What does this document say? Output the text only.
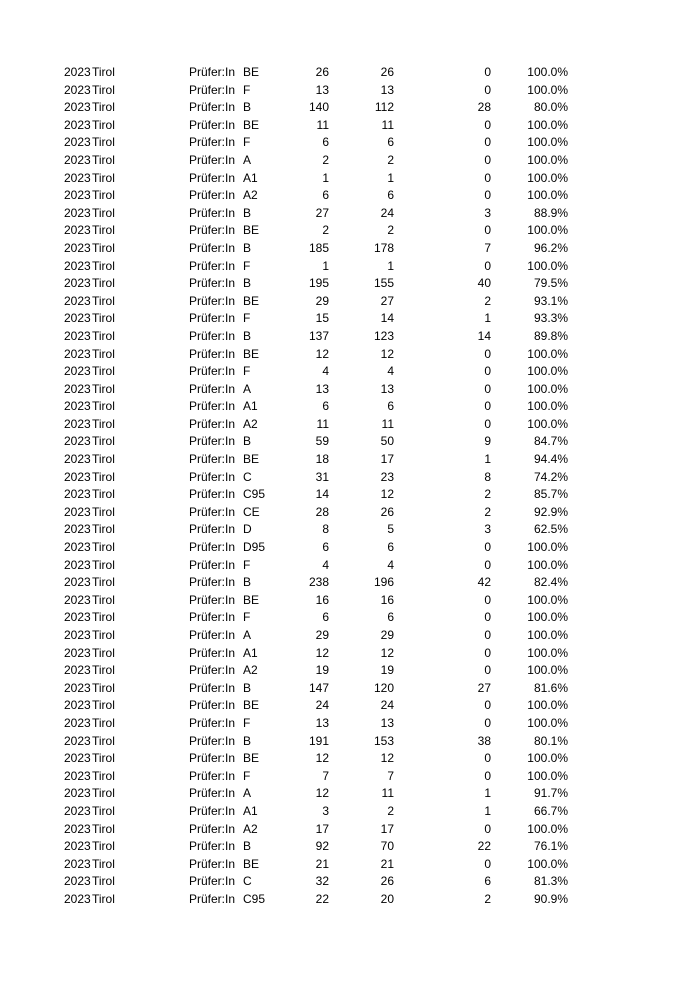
2023 Tirol	Prüfer:In BE	26	26	0	100.0%
2023 Tirol	Prüfer:In F	13	13	0	100.0%
2023 Tirol	Prüfer:In B	140	112	28	80.0%
2023 Tirol	Prüfer:In BE	11	11	0	100.0%
2023 Tirol	Prüfer:In F	6	6	0	100.0%
2023 Tirol	Prüfer:In A	2	2	0	100.0%
2023 Tirol	Prüfer:In A1	1	1	0	100.0%
2023 Tirol	Prüfer:In A2	6	6	0	100.0%
2023 Tirol	Prüfer:In B	27	24	3	88.9%
2023 Tirol	Prüfer:In BE	2	2	0	100.0%
2023 Tirol	Prüfer:In B	185	178	7	96.2%
2023 Tirol	Prüfer:In F	1	1	0	100.0%
2023 Tirol	Prüfer:In B	195	155	40	79.5%
2023 Tirol	Prüfer:In BE	29	27	2	93.1%
2023 Tirol	Prüfer:In F	15	14	1	93.3%
2023 Tirol	Prüfer:In B	137	123	14	89.8%
2023 Tirol	Prüfer:In BE	12	12	0	100.0%
2023 Tirol	Prüfer:In F	4	4	0	100.0%
2023 Tirol	Prüfer:In A	13	13	0	100.0%
2023 Tirol	Prüfer:In A1	6	6	0	100.0%
2023 Tirol	Prüfer:In A2	11	11	0	100.0%
2023 Tirol	Prüfer:In B	59	50	9	84.7%
2023 Tirol	Prüfer:In BE	18	17	1	94.4%
2023 Tirol	Prüfer:In C	31	23	8	74.2%
2023 Tirol	Prüfer:In C95	14	12	2	85.7%
2023 Tirol	Prüfer:In CE	28	26	2	92.9%
2023 Tirol	Prüfer:In D	8	5	3	62.5%
2023 Tirol	Prüfer:In D95	6	6	0	100.0%
2023 Tirol	Prüfer:In F	4	4	0	100.0%
2023 Tirol	Prüfer:In B	238	196	42	82.4%
2023 Tirol	Prüfer:In BE	16	16	0	100.0%
2023 Tirol	Prüfer:In F	6	6	0	100.0%
2023 Tirol	Prüfer:In A	29	29	0	100.0%
2023 Tirol	Prüfer:In A1	12	12	0	100.0%
2023 Tirol	Prüfer:In A2	19	19	0	100.0%
2023 Tirol	Prüfer:In B	147	120	27	81.6%
2023 Tirol	Prüfer:In BE	24	24	0	100.0%
2023 Tirol	Prüfer:In F	13	13	0	100.0%
2023 Tirol	Prüfer:In B	191	153	38	80.1%
2023 Tirol	Prüfer:In BE	12	12	0	100.0%
2023 Tirol	Prüfer:In F	7	7	0	100.0%
2023 Tirol	Prüfer:In A	12	11	1	91.7%
2023 Tirol	Prüfer:In A1	3	2	1	66.7%
2023 Tirol	Prüfer:In A2	17	17	0	100.0%
2023 Tirol	Prüfer:In B	92	70	22	76.1%
2023 Tirol	Prüfer:In BE	21	21	0	100.0%
2023 Tirol	Prüfer:In C	32	26	6	81.3%
2023 Tirol	Prüfer:In C95	22	20	2	90.9%
